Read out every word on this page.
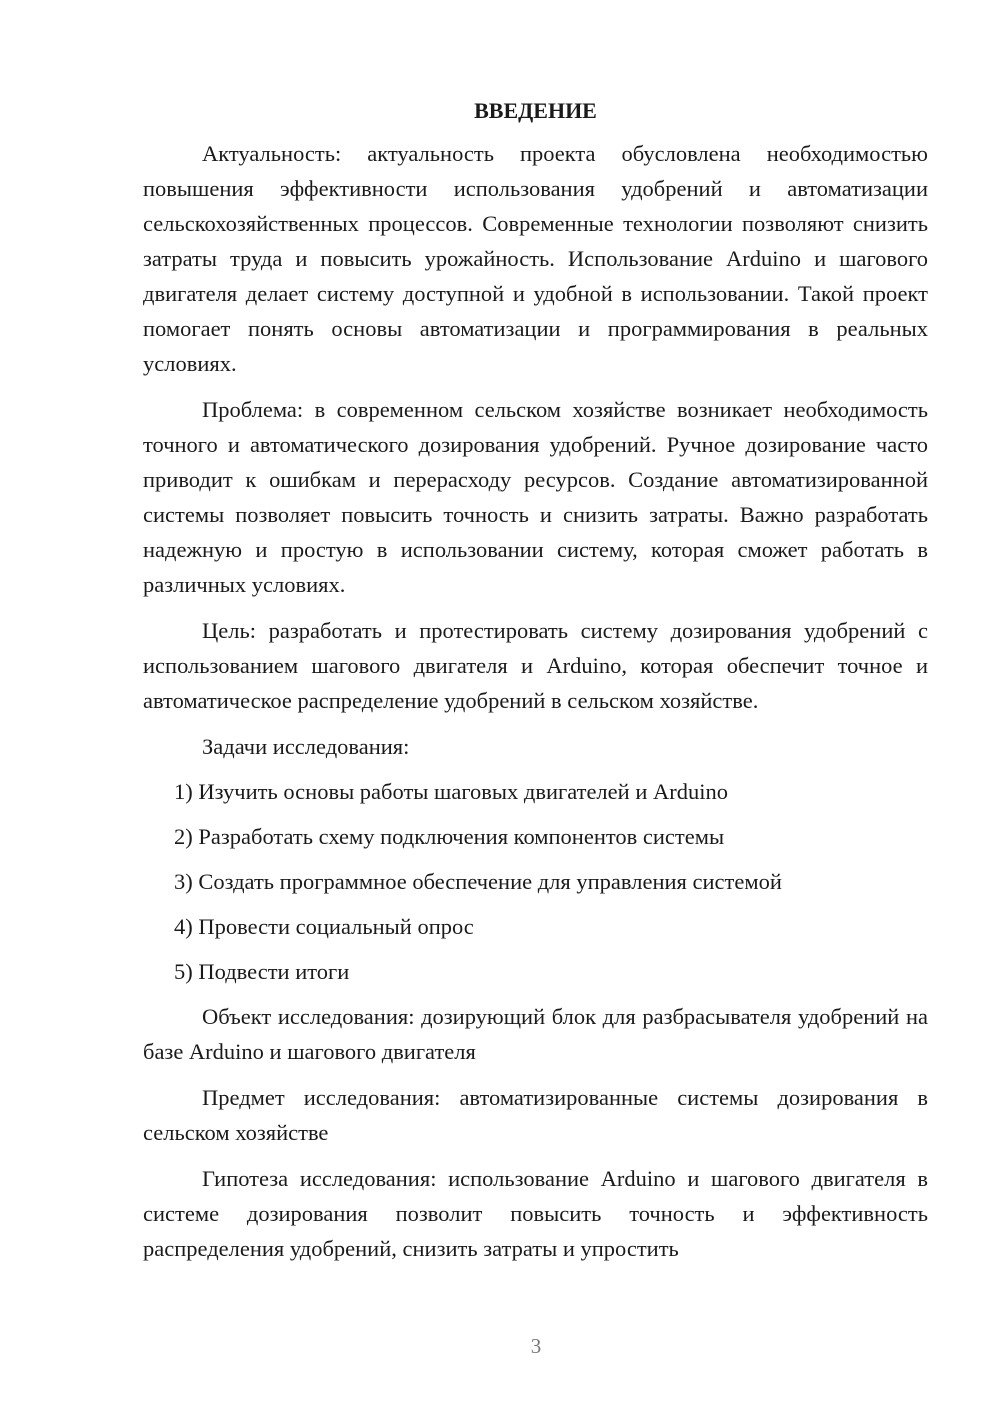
ВВЕДЕНИЕ

Актуальность: актуальность проекта обусловлена необходимостью повышения эффективности использования удобрений и автоматизации сельскохозяйственных процессов. Современные технологии позволяют снизить затраты труда и повысить урожайность. Использование Arduino и шагового двигателя делает систему доступной и удобной в использовании. Такой проект помогает понять основы автоматизации и программирования в реальных условиях.

Проблема: в современном сельском хозяйстве возникает необходимость точного и автоматического дозирования удобрений. Ручное дозирование часто приводит к ошибкам и перерасходу ресурсов. Создание автоматизированной системы позволяет повысить точность и снизить затраты. Важно разработать надежную и простую в использовании систему, которая сможет работать в различных условиях.

Цель: разработать и протестировать систему дозирования удобрений с использованием шагового двигателя и Arduino, которая обеспечит точное и автоматическое распределение удобрений в сельском хозяйстве.

Задачи исследования:

1) Изучить основы работы шаговых двигателей и Arduino
2) Разработать схему подключения компонентов системы
3) Создать программное обеспечение для управления системой
4) Провести социальный опрос
5) Подвести итоги

Объект исследования: дозирующий блок для разбрасывателя удобрений на базе Arduino и шагового двигателя

Предмет исследования: автоматизированные системы дозирования в сельском хозяйстве

Гипотеза исследования: использование Arduino и шагового двигателя в системе дозирования позволит повысить точность и эффективность распределения удобрений, снизить затраты и упростить

3
